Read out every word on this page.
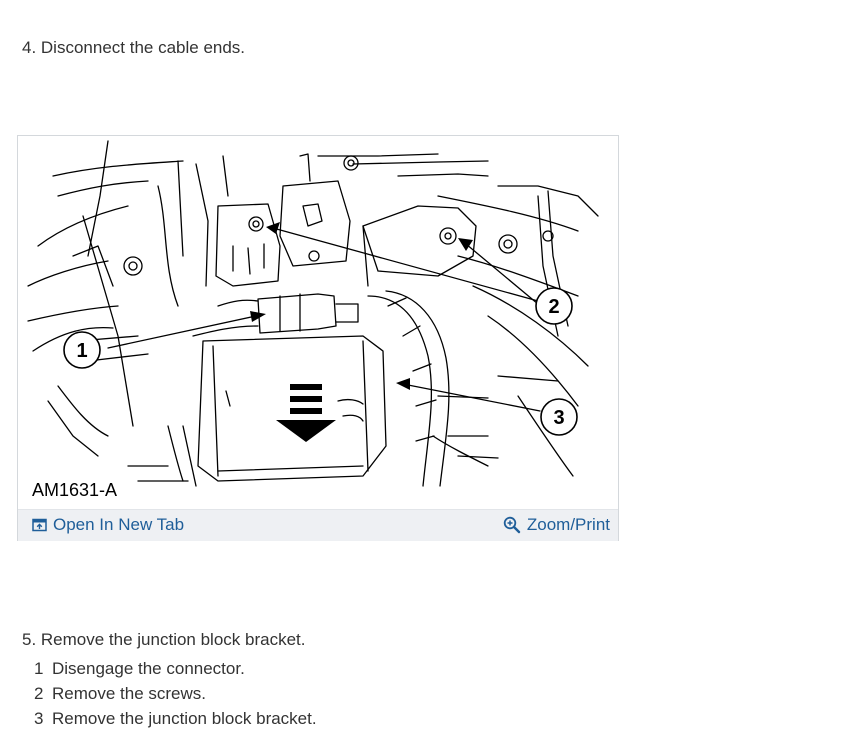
4. Disconnect the cable ends.
1
2
3
AM1631-A
Open In New Tab	Zoom/Print
5. Remove the junction block bracket.
1 Disengage the connector.
2 Remove the screws.
3 Remove the junction block bracket.
